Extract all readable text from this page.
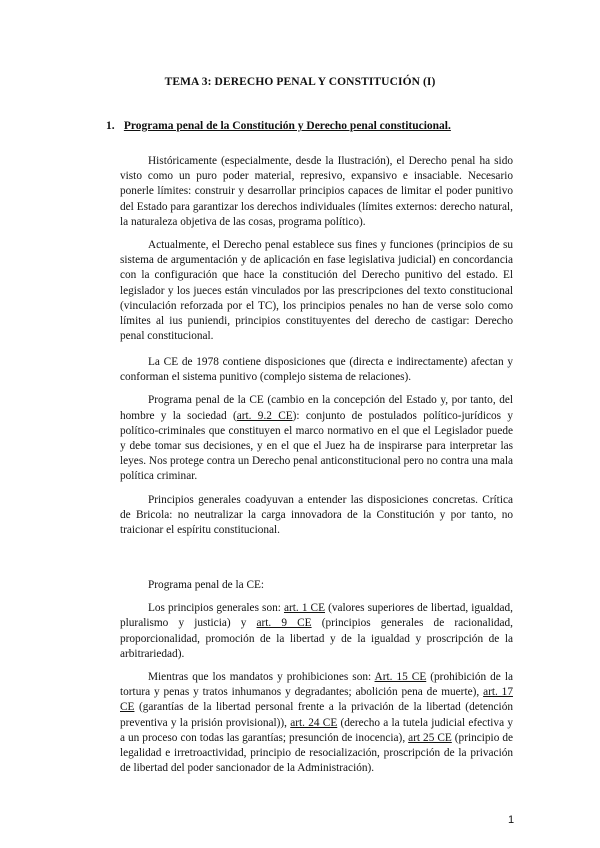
TEMA 3: DERECHO PENAL Y CONSTITUCIÓN (I)
1. Programa penal de la Constitución y Derecho penal constitucional.

Históricamente (especialmente, desde la Ilustración), el Derecho penal ha sido visto como un puro poder material, represivo, expansivo e insaciable. Necesario ponerle límites: construir y desarrollar principios capaces de limitar el poder punitivo del Estado para garantizar los derechos individuales (límites externos: derecho natural, la naturaleza objetiva de las cosas, programa político).

Actualmente, el Derecho penal establece sus fines y funciones (principios de su sistema de argumentación y de aplicación en fase legislativa judicial) en concordancia con la configuración que hace la constitución del Derecho punitivo del estado. El legislador y los jueces están vinculados por las prescripciones del texto constitucional (vinculación reforzada por el TC), los principios penales no han de verse solo como límites al ius puniendi, principios constituyentes del derecho de castigar: Derecho penal constitucional.

La CE de 1978 contiene disposiciones que (directa e indirectamente) afectan y conforman el sistema punitivo (complejo sistema de relaciones).

Programa penal de la CE (cambio en la concepción del Estado y, por tanto, del hombre y la sociedad (art. 9.2 CE): conjunto de postulados político-jurídicos y político-criminales que constituyen el marco normativo en el que el Legislador puede y debe tomar sus decisiones, y en el que el Juez ha de inspirarse para interpretar las leyes. Nos protege contra un Derecho penal anticonstitucional pero no contra una mala política criminar.

Principios generales coadyuvan a entender las disposiciones concretas. Crítica de Bricola: no neutralizar la carga innovadora de la Constitución y por tanto, no traicionar el espíritu constitucional.

Programa penal de la CE:

Los principios generales son: art. 1 CE (valores superiores de libertad, igualdad, pluralismo y justicia) y art. 9 CE (principios generales de racionalidad, proporcionalidad, promoción de la libertad y de la igualdad y proscripción de la arbitrariedad).

Mientras que los mandatos y prohibiciones son: Art. 15 CE (prohibición de la tortura y penas y tratos inhumanos y degradantes; abolición pena de muerte), art. 17 CE (garantías de la libertad personal frente a la privación de la libertad (detención preventiva y la prisión provisional)), art. 24 CE (derecho a la tutela judicial efectiva y a un proceso con todas las garantías; presunción de inocencia), art 25 CE (principio de legalidad e irretroactividad, principio de resocialización, proscripción de la privación de libertad del poder sancionador de la Administración).

1
